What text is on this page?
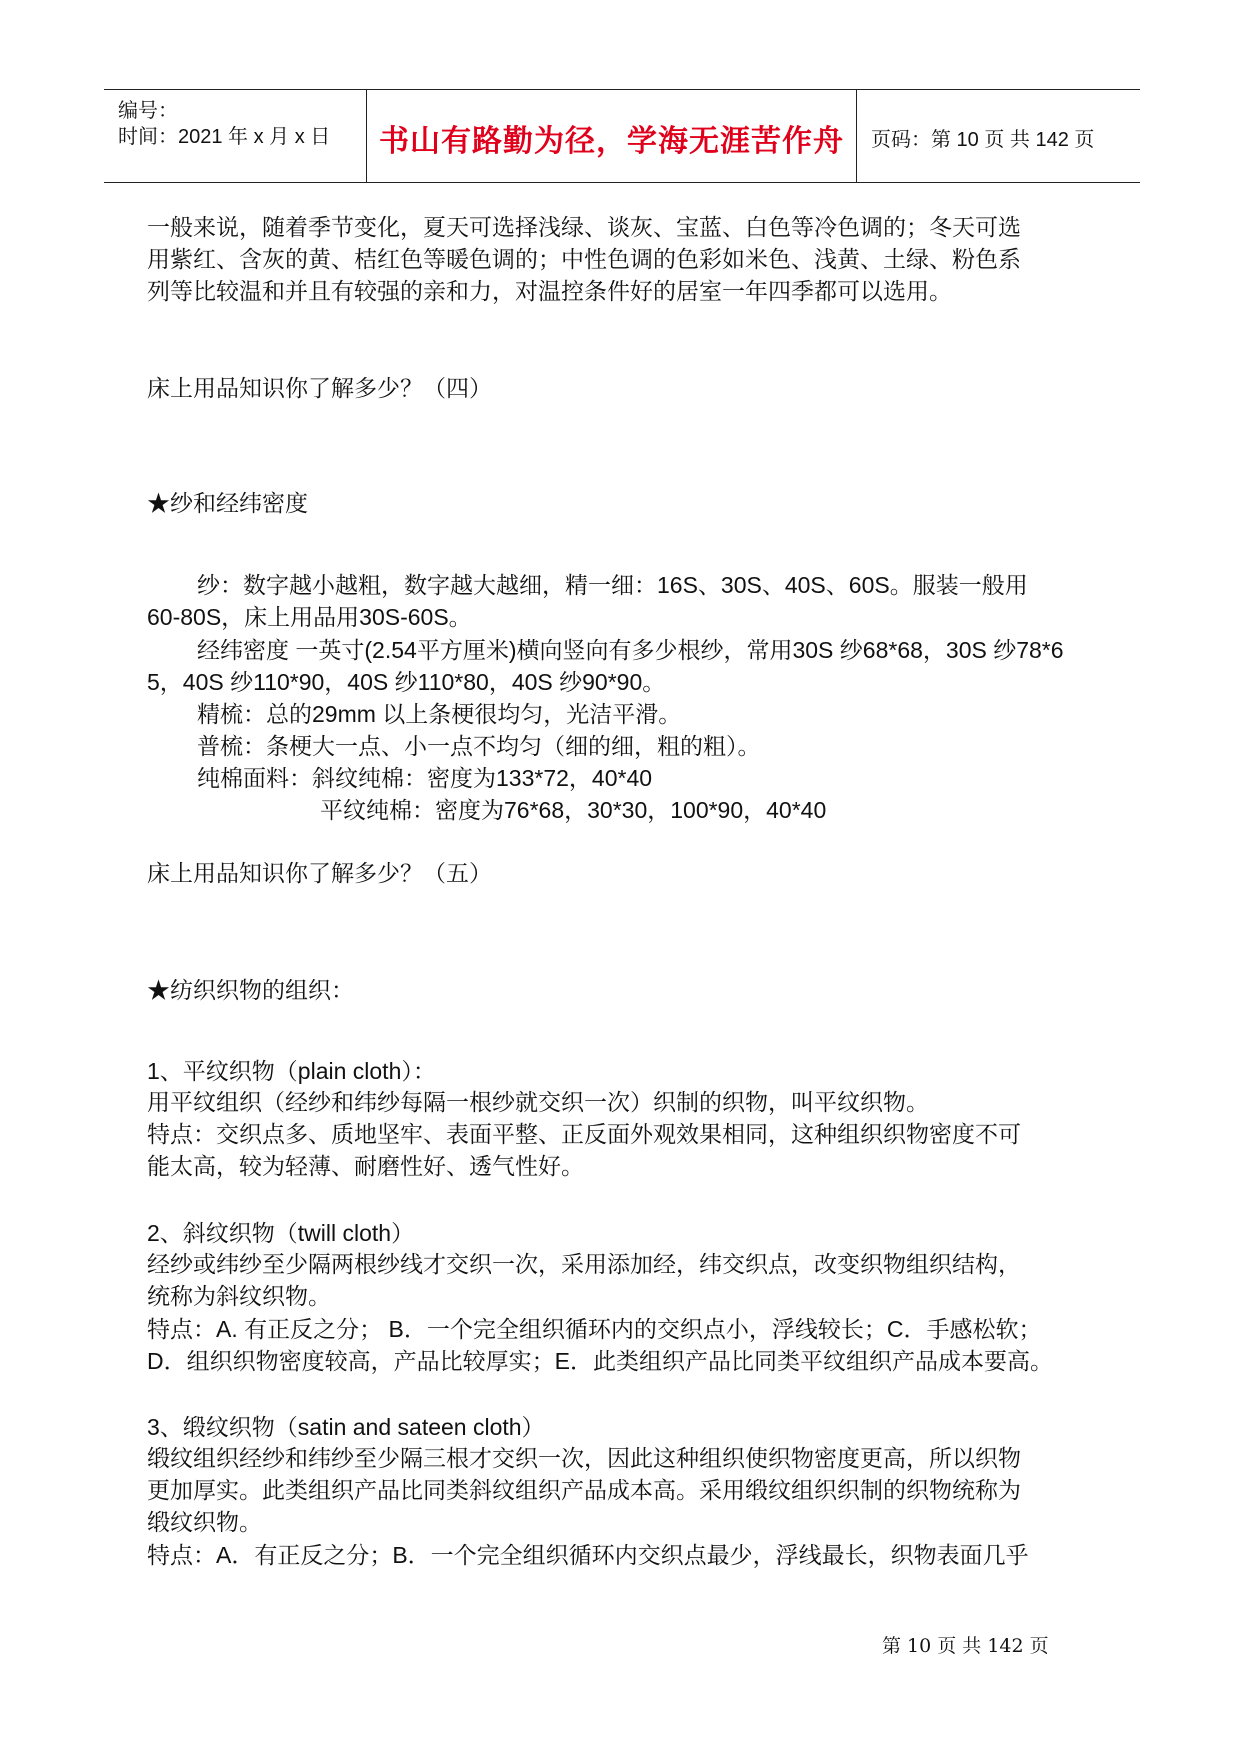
编号：
时间：2021 年 x 月 x 日	书山有路勤为径，学海无涯苦作舟	页码：第 10 页 共 142 页
一般来说，随着季节变化，夏天可选择浅绿、谈灰、宝蓝、白色等冷色调的；冬天可选
用紫红、含灰的黄、桔红色等暖色调的；中性色调的色彩如米色、浅黄、土绿、粉色系
列等比较温和并且有较强的亲和力，对温控条件好的居室一年四季都可以选用。
床上用品知识你了解多少？（四）
★纱和经纬密度
纱：数字越小越粗，数字越大越细，精一细：16S、30S、40S、60S。服装一般用
60-80S，床上用品用30S-60S。
经纬密度 一英寸(2.54平方厘米)横向竖向有多少根纱，常用30S 纱68*68，30S 纱78*6
5，40S 纱110*90，40S 纱110*80，40S 纱90*90。
精梳：总的29mm 以上条梗很均匀，光洁平滑。
普梳：条梗大一点、小一点不均匀（细的细，粗的粗）。
纯棉面料：斜纹纯棉：密度为133*72，40*40
平纹纯棉：密度为76*68，30*30，100*90，40*40
床上用品知识你了解多少？（五）
★纺织织物的组织：
1、平纹织物（plain cloth）：
用平纹组织（经纱和纬纱每隔一根纱就交织一次）织制的织物，叫平纹织物。
特点：交织点多、质地坚牢、表面平整、正反面外观效果相同，这种组织织物密度不可
能太高，较为轻薄、耐磨性好、透气性好。
2、斜纹织物（twill cloth）
经纱或纬纱至少隔两根纱线才交织一次，采用添加经，纬交织点，改变织物组织结构，
统称为斜纹织物。
特点：A. 有正反之分； B．一个完全组织循环内的交织点小，浮线较长；C．手感松软；
D．组织织物密度较高，产品比较厚实；E．此类组织产品比同类平纹组织产品成本要高。
3、缎纹织物（satin and sateen cloth）
缎纹组织经纱和纬纱至少隔三根才交织一次，因此这种组织使织物密度更高，所以织物
更加厚实。此类组织产品比同类斜纹组织产品成本高。采用缎纹组织织制的织物统称为
缎纹织物。
特点：A．有正反之分；B．一个完全组织循环内交织点最少，浮线最长，织物表面几乎
第 10 页 共 142 页
